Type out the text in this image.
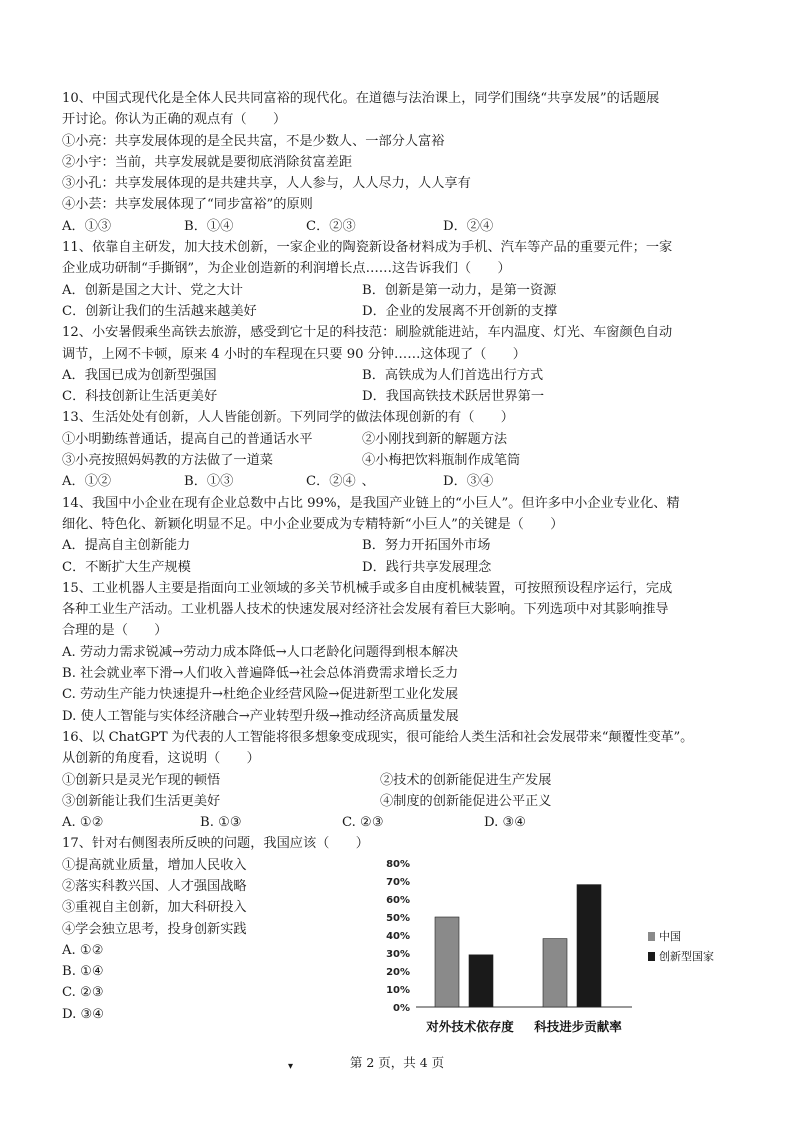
10、中国式现代化是全体人民共同富裕的现代化。在道德与法治课上，同学们围绕“共享发展”的话题展
开讨论。你认为正确的观点有（　　）
①小亮：共享发展体现的是全民共富，不是少数人、一部分人富裕
②小宇：当前，共享发展就是要彻底消除贫富差距
③小孔：共享发展体现的是共建共享，人人参与，人人尽力，人人享有
④小芸：共享发展体现了“同步富裕”的原则
A．①③	B．①④	C．②③	D．②④
11、依靠自主研发，加大技术创新，一家企业的陶瓷新设备材料成为手机、汽车等产品的重要元件；一家
企业成功研制“手撕钢”，为企业创造新的利润增长点……这告诉我们（　　）
A．创新是国之大计、党之大计	B．创新是第一动力，是第一资源
C．创新让我们的生活越来越美好	D．企业的发展离不开创新的支撑
12、小安暑假乘坐高铁去旅游，感受到它十足的科技范：刷脸就能进站，车内温度、灯光、车窗颜色自动
调节，上网不卡顿，原来 4 小时的车程现在只要 90 分钟……这体现了（　　）
A．我国已成为创新型强国	B．高铁成为人们首选出行方式
C．科技创新让生活更美好	D．我国高铁技术跃居世界第一
13、生活处处有创新，人人皆能创新。下列同学的做法体现创新的有（　　）
①小明勤练普通话，提高自己的普通话水平	②小刚找到新的解题方法
③小亮按照妈妈教的方法做了一道菜	④小梅把饮料瓶制作成笔筒
A．①②	B．①③	C．②④ 、	D．③④
14、我国中小企业在现有企业总数中占比 99%，是我国产业链上的“小巨人”。但许多中小企业专业化、精
细化、特色化、新颖化明显不足。中小企业要成为专精特新“小巨人”的关键是（　　）
A．提高自主创新能力	B．努力开拓国外市场
C．不断扩大生产规模	D．践行共享发展理念
15、工业机器人主要是指面向工业领域的多关节机械手或多自由度机械装置，可按照预设程序运行，完成
各种工业生产活动。工业机器人技术的快速发展对经济社会发展有着巨大影响。下列选项中对其影响推导
合理的是（　　）
A. 劳动力需求锐减→劳动力成本降低→人口老龄化问题得到根本解决
B. 社会就业率下滑→人们收入普遍降低→社会总体消费需求增长乏力
C. 劳动生产能力快速提升→杜绝企业经营风险→促进新型工业化发展
D. 使人工智能与实体经济融合→产业转型升级→推动经济高质量发展
16、以 ChatGPT 为代表的人工智能将很多想象变成现实，很可能给人类生活和社会发展带来“颠覆性变革”。
从创新的角度看，这说明（　　）
①创新只是灵光乍现的顿悟	②技术的创新能促进生产发展
③创新能让我们生活更美好	④制度的创新能促进公平正义
A. ①②	B. ①③	C. ②③	D. ③④
17、针对右侧图表所反映的问题，我国应该（　　）
①提高就业质量，增加人民收入
②落实科教兴国、人才强国战略
③重视自主创新，加大科研投入
④学会独立思考，投身创新实践
A. ①②
B. ①④
C. ②③
D. ③④	0%
10%
20%
30%
40%
50%
60%
70%
80%
对外技术依存度 科技进步贡献率
中国
创新型国家
▾	第 2 页，共 4 页
